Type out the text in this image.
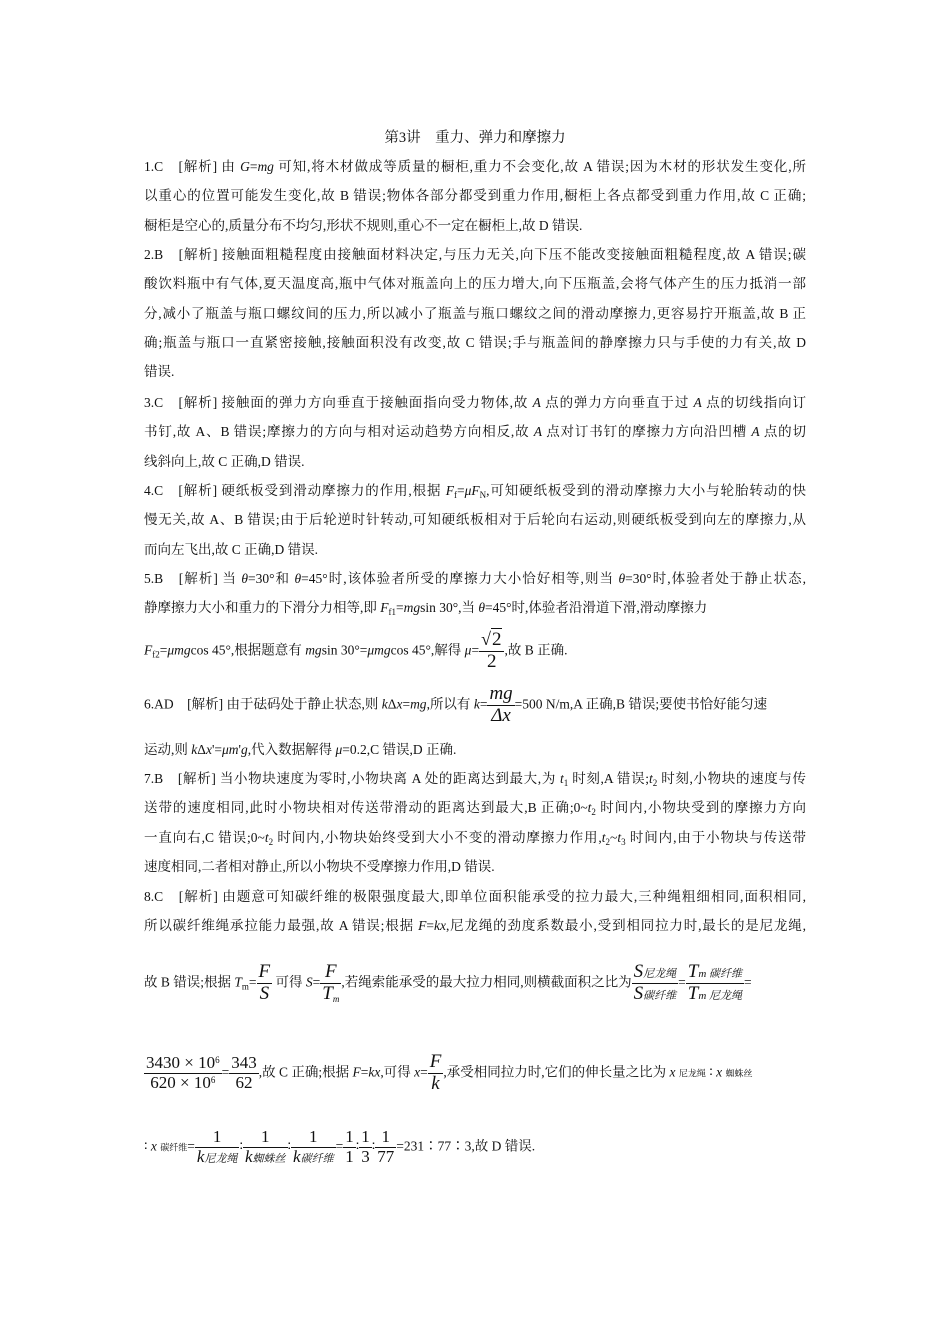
第3讲　重力、弹力和摩擦力
1.C　 [解析] 由 G=mg 可知,将木材做成等质量的橱柜,重力不会变化,故 A 错误;因为木材的形状发生变化,所
以重心的位置可能发生变化,故 B 错误;物体各部分都受到重力作用,橱柜上各点都受到重力作用,故 C 正确;
橱柜是空心的,质量分布不均匀,形状不规则,重心不一定在橱柜上,故 D 错误.
2.B　 [解析] 接触面粗糙程度由接触面材料决定,与压力无关,向下压不能改变接触面粗糙程度,故 A 错误;碳
酸饮料瓶中有气体,夏天温度高,瓶中气体对瓶盖向上的压力增大,向下压瓶盖,会将气体产生的压力抵消一部
分,减小了瓶盖与瓶口螺纹间的压力,所以减小了瓶盖与瓶口螺纹之间的滑动摩擦力,更容易拧开瓶盖,故 B 正
确;瓶盖与瓶口一直紧密接触,接触面积没有改变,故 C 错误;手与瓶盖间的静摩擦力只与手使的力有关,故 D
错误.
3.C　 [解析] 接触面的弹力方向垂直于接触面指向受力物体,故 A 点的弹力方向垂直于过 A 点的切线指向订
书钉,故 A、B 错误;摩擦力的方向与相对运动趋势方向相反,故 A 点对订书钉的摩擦力方向沿凹槽 A 点的切
线斜向上,故 C 正确,D 错误.
4.C　 [解析] 硬纸板受到滑动摩擦力的作用,根据 $F_f=\mu F_N$,可知硬纸板受到的滑动摩擦力大小与轮胎转动的快
慢无关,故 A、B 错误;由于后轮逆时针转动,可知硬纸板相对于后轮向右运动,则硬纸板受到向左的摩擦力,从
而向左飞出,故 C 正确,D 错误.
5.B　 [解析] 当 θ=30°和 θ=45°时,该体验者所受的摩擦力大小恰好相等,则当 θ=30°时,体验者处于静止状态,
静摩擦力大小和重力的下滑分力相等,即 $F_{f1}=mgsin$ 30°,当 θ=45°时,体验者沿滑道下滑,滑动摩擦力
$F_{f2}=\mu mgcos$ 45°,根据题意有 mgsin 30°=μmgcos 45°,解得 $\mu= \frac{√2}{2}$ ,故 B 正确.
6.AD　 [解析] 由于砝码处于静止状态,则 kΔx=mg,所以有 $k= \frac{mg}{\Delta x} =500$ N/m,A 正确,B 错误;要使书恰好能匀速
运动,则 kΔx'=μm'g,代入数据解得 μ=0.2,C 错误,D 正确.
7.B　 [解析] 当小物块速度为零时,小物块离 A 处的距离达到最大,为 $t_1$ 时刻,A 错误$;t_2$ 时刻,小物块的速度与传
送带的速度相同,此时小物块相对传送带滑动的距离达到最大,B 正确$;0\sim t_2$ 时间内,小物块受到的摩擦力方向
一直向右,C 错误$;0\sim t_2$ 时间内,小物块始终受到大小不变的滑动摩擦力作用$,t_2\sim t_3$ 时间内,由于小物块与传送带
速度相同,二者相对静止,所以小物块不受摩擦力作用,D 错误.
8.C　 [解析] 由题意可知碳纤维的极限强度最大,即单位面积能承受的拉力最大,三种绳粗细相同,面积相同,
所以碳纤维绳承拉能力最强,故 A 错误;根据 F=kx,尼龙绳的劲度系数最小,受到相同拉力时,最长的是尼龙绳,
故 B 错误;根据 $T_m= \frac{F}{S}$ 可得 $S= \frac{F}{T_m}$ ,若绳索能承受的最大拉力相同,则横截面积之比为 $\frac{\text{S尼龙绳}}{\text{S碳纤维}} = \frac{\text{Tm 碳纤维}}{\text{Tm 尼龙绳}}$ =
$\frac{3430 \times 10^6}{620 \times 10^6} = \frac{343}{62}$ ,故 C 正确;根据 F=kx,可得 $x= \frac{F}{k}$ ,承受相同拉力时,它们的伸长量之比为 x 尼龙绳 ∶ x 蜘蛛丝
∶ x 碳纤维= $\frac{1}{\text{k尼龙绳}}$ ∶ $\frac{1}{\text{k蜘蛛丝}}$ ∶ $\frac{1}{\text{k碳纤维}} = \frac{1}{1}$ ∶ $\frac{1}{3}$ ∶ $\frac{1}{77}$ =231∶77∶3,故 D 错误.
